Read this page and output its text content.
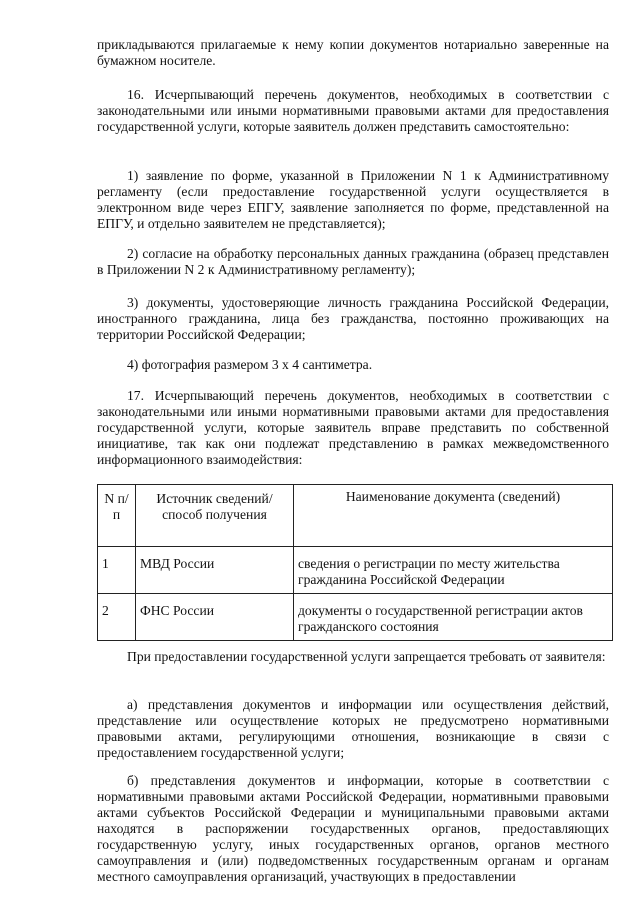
прикладываются прилагаемые к нему копии документов нотариально заверенные на бумажном носителе.

16. Исчерпывающий перечень документов, необходимых в соответствии с законодательными или иными нормативными правовыми актами для предоставления государственной услуги, которые заявитель должен представить самостоятельно:

1) заявление по форме, указанной в Приложении N 1 к Административному регламенту (если предоставление государственной услуги осуществляется в электронном виде через ЕПГУ, заявление заполняется по форме, представленной на ЕПГУ, и отдельно заявителем не представляется);

2) согласие на обработку персональных данных гражданина (образец представлен в Приложении N 2 к Административному регламенту);

3) документы, удостоверяющие личность гражданина Российской Федерации, иностранного гражданина, лица без гражданства, постоянно проживающих на территории Российской Федерации;

4) фотография размером 3 х 4 сантиметра.

17. Исчерпывающий перечень документов, необходимых в соответствии с законодательными или иными нормативными правовыми актами для предоставления государственной услуги, которые заявитель вправе представить по собственной инициативе, так как они подлежат представлению в рамках межведомственного информационного взаимодействия:

N п/п	Источник сведений/способ получения	Наименование документа (сведений)
1	МВД России	сведения о регистрации по месту жительства гражданина Российской Федерации
2	ФНС России	документы о государственной регистрации актов гражданского состояния

При предоставлении государственной услуги запрещается требовать от заявителя:

а) представления документов и информации или осуществления действий, представление или осуществление которых не предусмотрено нормативными правовыми актами, регулирующими отношения, возникающие в связи с предоставлением государственной услуги;

б) представления документов и информации, которые в соответствии с нормативными правовыми актами Российской Федерации, нормативными правовыми актами субъектов Российской Федерации и муниципальными правовыми актами находятся в распоряжении государственных органов, предоставляющих государственную услугу, иных государственных органов, органов местного самоуправления и (или) подведомственных государственным органам и органам местного самоуправления организаций, участвующих в предоставлении
